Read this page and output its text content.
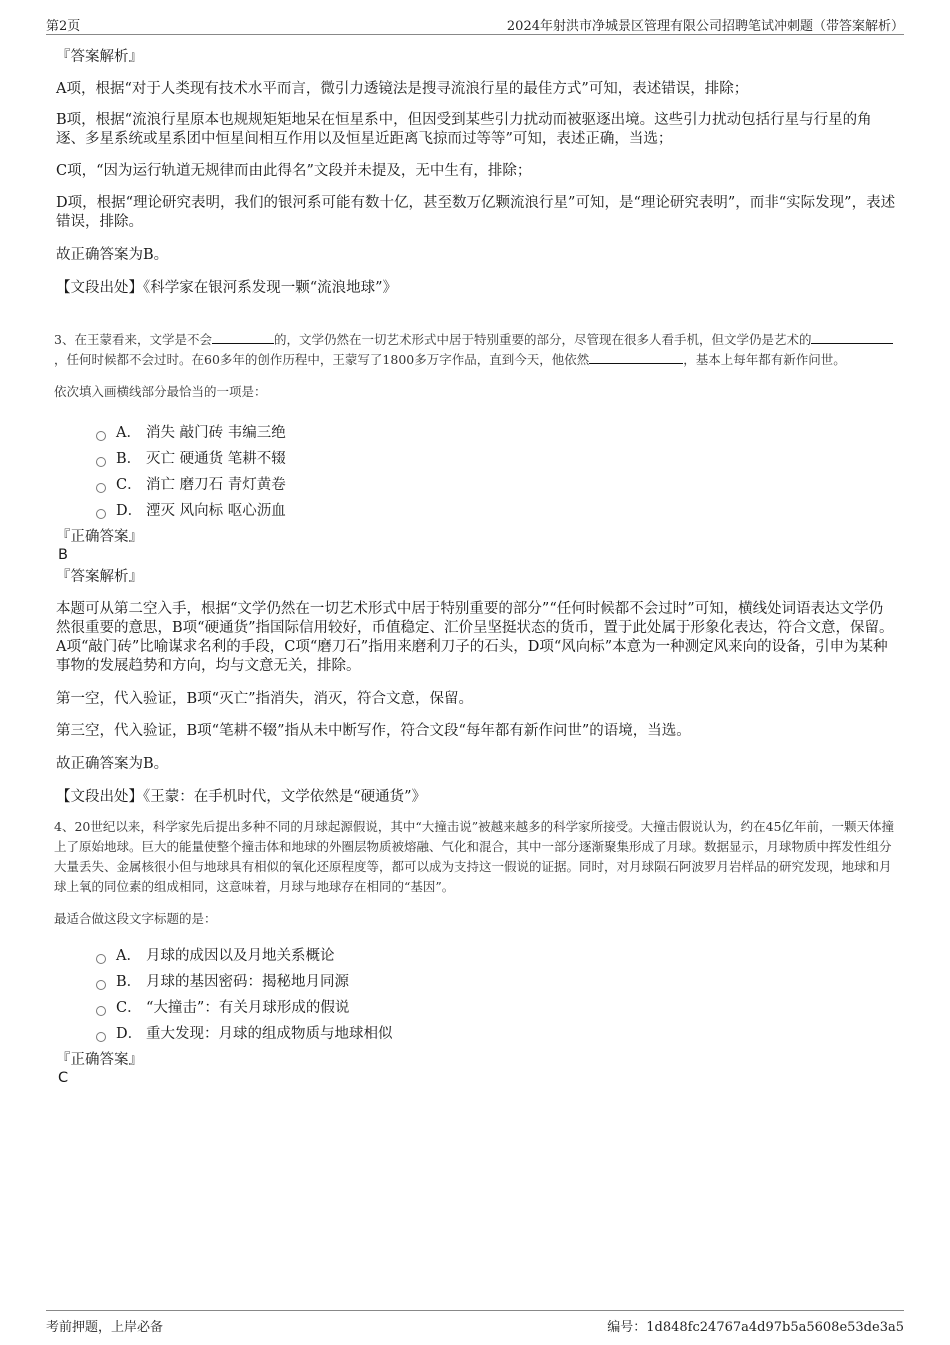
第2页	2024年射洪市净城景区管理有限公司招聘笔试冲刺题（带答案解析）

『答案解析』

A项，根据“对于人类现有技术水平而言，微引力透镜法是搜寻流浪行星的最佳方式”可知，表述错误，排除；

B项，根据“流浪行星原本也规规矩矩地呆在恒星系中，但因受到某些引力扰动而被驱逐出境。这些引力扰动包括行星与行星的角逐、多星系统或星系团中恒星间相互作用以及恒星近距离飞掠而过等等”可知，表述正确，当选；

C项，“因为运行轨道无规律而由此得名”文段并未提及，无中生有，排除；

D项，根据“理论研究表明，我们的银河系可能有数十亿，甚至数万亿颗流浪行星”可知，是“理论研究表明”，而非“实际发现”，表述错误，排除。

故正确答案为B。

【文段出处】《科学家在银河系发现一颗“流浪地球”》

3、在王蒙看来，文学是不会	的，文学仍然在一切艺术形式中居于特别重要的部分，尽管现在很多人看手机，但文学仍是艺术的，任何时候都不会过时。在60多年的创作历程中，王蒙写了1800多万字作品，直到今天，他依然	，基本上每年都有新作问世。

依次填入画横线部分最恰当的一项是：

A． 消失 敲门砖 韦编三绝
B． 灭亡 硬通货 笔耕不辍
C． 消亡 磨刀石 青灯黄卷
D． 湮灭 风向标 呕心沥血

『正确答案』

B

『答案解析』

本题可从第二空入手，根据“文学仍然在一切艺术形式中居于特别重要的部分”“任何时候都不会过时”可知，横线处词语表达文学仍然很重要的意思，B项“硬通货”指国际信用较好，币值稳定、汇价呈坚挺状态的货币，置于此处属于形象化表达，符合文意，保留。A项“敲门砖”比喻谋求名利的手段，C项“磨刀石”指用来磨利刀子的石头，D项“风向标”本意为一种测定风来向的设备，引申为某种事物的发展趋势和方向，均与文意无关，排除。

第一空，代入验证，B项“灭亡”指消失，消灭，符合文意，保留。

第三空，代入验证，B项“笔耕不辍”指从未中断写作，符合文段“每年都有新作问世”的语境，当选。

故正确答案为B。

【文段出处】《王蒙：在手机时代，文学依然是“硬通货”》

4、20世纪以来，科学家先后提出多种不同的月球起源假说，其中“大撞击说”被越来越多的科学家所接受。大撞击假说认为，约在45亿年前，一颗天体撞上了原始地球。巨大的能量使整个撞击体和地球的外圈层物质被熔融、气化和混合，其中一部分逐渐聚集形成了月球。数据显示，月球物质中挥发性组分大量丢失、金属核很小但与地球具有相似的氧化还原程度等，都可以成为支持这一假说的证据。同时，对月球陨石阿波罗月岩样品的研究发现，地球和月球上氧的同位素的组成相同，这意味着，月球与地球存在相同的“基因”。

最适合做这段文字标题的是：

A． 月球的成因以及月地关系概论
B． 月球的基因密码：揭秘地月同源
C． “大撞击”：有关月球形成的假说
D． 重大发现：月球的组成物质与地球相似

『正确答案』

C

考前押题，上岸必备	编号：1d848fc24767a4d97b5a5608e53de3a5
